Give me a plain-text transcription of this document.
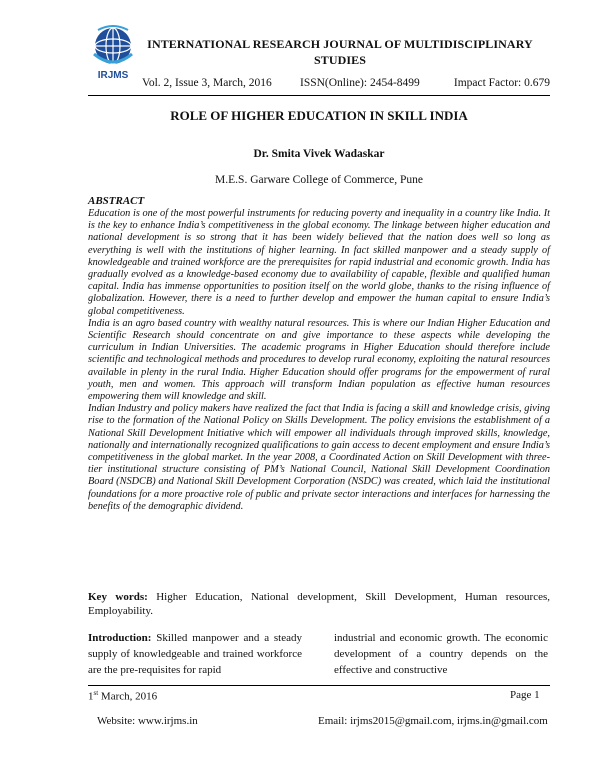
IRJMS
INTERNATIONAL RESEARCH JOURNAL OF MULTIDISCIPLINARY STUDIES
Vol. 2, Issue 3, March, 2016 ISSN(Online): 2454-8499	Impact Factor: 0.679
ROLE OF HIGHER EDUCATION IN SKILL INDIA
Dr. Smita Vivek Wadaskar
M.E.S. Garware College of Commerce, Pune
ABSTRACT

Education is one of the most powerful instruments for reducing poverty and inequality in a country like India. It is the key to enhance India’s competitiveness in the global economy. The linkage between higher education and national development is so strong that it has been widely believed that the nation does well so long as everything is well with the institutions of higher learning. In fact skilled manpower and a steady supply of knowledgeable and trained workforce are the prerequisites for rapid industrial and economic growth. India has gradually evolved as a knowledge-based economy due to availability of capable, flexible and qualified human capital. India has immense opportunities to position itself on the world globe, thanks to the rising influence of globalization. However, there is a need to further develop and empower the human capital to ensure India’s global competitiveness.

India is an agro based country with wealthy natural resources. This is where our Indian Higher Education and Scientific Research should concentrate on and give importance to these aspects while developing the curriculum in Indian Universities. The academic programs in Higher Education should therefore include scientific and technological methods and procedures to develop rural economy, exploiting the natural resources available in plenty in the rural India. Higher Education should offer programs for the empowerment of rural youth, men and women. This approach will transform Indian population as effective human resources empowering them will knowledge and skill.

Indian Industry and policy makers have realized the fact that India is facing a skill and knowledge crisis, giving rise to the formation of the National Policy on Skills Development. The policy envisions the establishment of a National Skill Development Initiative which will empower all individuals through improved skills, knowledge, nationally and internationally recognized qualifications to gain access to decent employment and ensure India’s competitiveness in the global market. In the year 2008, a Coordinated Action on Skill Development with three-tier institutional structure consisting of PM’s National Council, National Skill Development Coordination Board (NSDCB) and National Skill Development Corporation (NSDC) was created, which laid the institutional foundations for a more proactive role of public and private sector interactions and interfaces for harnessing the benefits of the demographic dividend.

Key words: Higher Education, National development, Skill Development, Human resources, Employability.
Introduction: Skilled manpower and a steady supply of knowledgeable and trained workforce are the pre-requisites for rapid
industrial and economic growth. The economic development of a country depends on the effective and constructive
1st March, 2016	Page 1
Website: www.irjms.in	Email: irjms2015@gmail.com, irjms.in@gmail.com
